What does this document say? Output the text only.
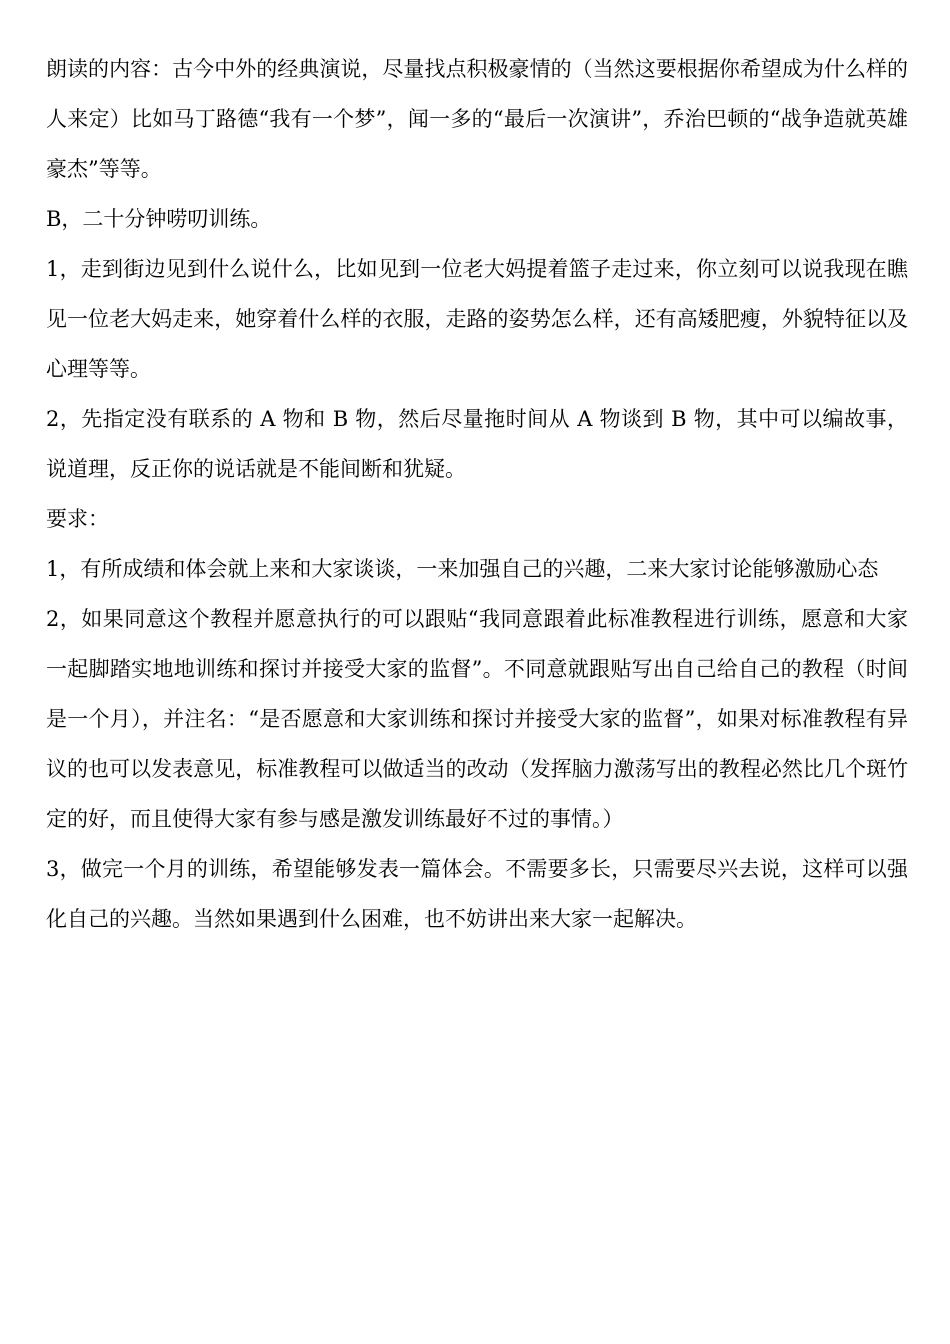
朗读的内容：古今中外的经典演说，尽量找点积极豪情的（当然这要根据你希望成为什么样的人来定）比如马丁路德“我有一个梦”，闻一多的“最后一次演讲”，乔治巴顿的“战争造就英雄豪杰”等等。

B，二十分钟唠叨训练。

1，走到街边见到什么说什么，比如见到一位老大妈提着篮子走过来，你立刻可以说我现在瞧见一位老大妈走来，她穿着什么样的衣服，走路的姿势怎么样，还有高矮肥瘦，外貌特征以及心理等等。

2，先指定没有联系的 A 物和 B 物，然后尽量拖时间从 A 物谈到 B 物，其中可以编故事，说道理，反正你的说话就是不能间断和犹疑。

要求：

1，有所成绩和体会就上来和大家谈谈，一来加强自己的兴趣，二来大家讨论能够激励心态

2，如果同意这个教程并愿意执行的可以跟贴“我同意跟着此标准教程进行训练，愿意和大家一起脚踏实地地训练和探讨并接受大家的监督”。不同意就跟贴写出自己给自己的教程（时间是一个月），并注名：“是否愿意和大家训练和探讨并接受大家的监督”，如果对标准教程有异议的也可以发表意见，标准教程可以做适当的改动（发挥脑力激荡写出的教程必然比几个斑竹定的好，而且使得大家有参与感是激发训练最好不过的事情。）

3，做完一个月的训练，希望能够发表一篇体会。不需要多长，只需要尽兴去说，这样可以强化自己的兴趣。当然如果遇到什么困难，也不妨讲出来大家一起解决。
